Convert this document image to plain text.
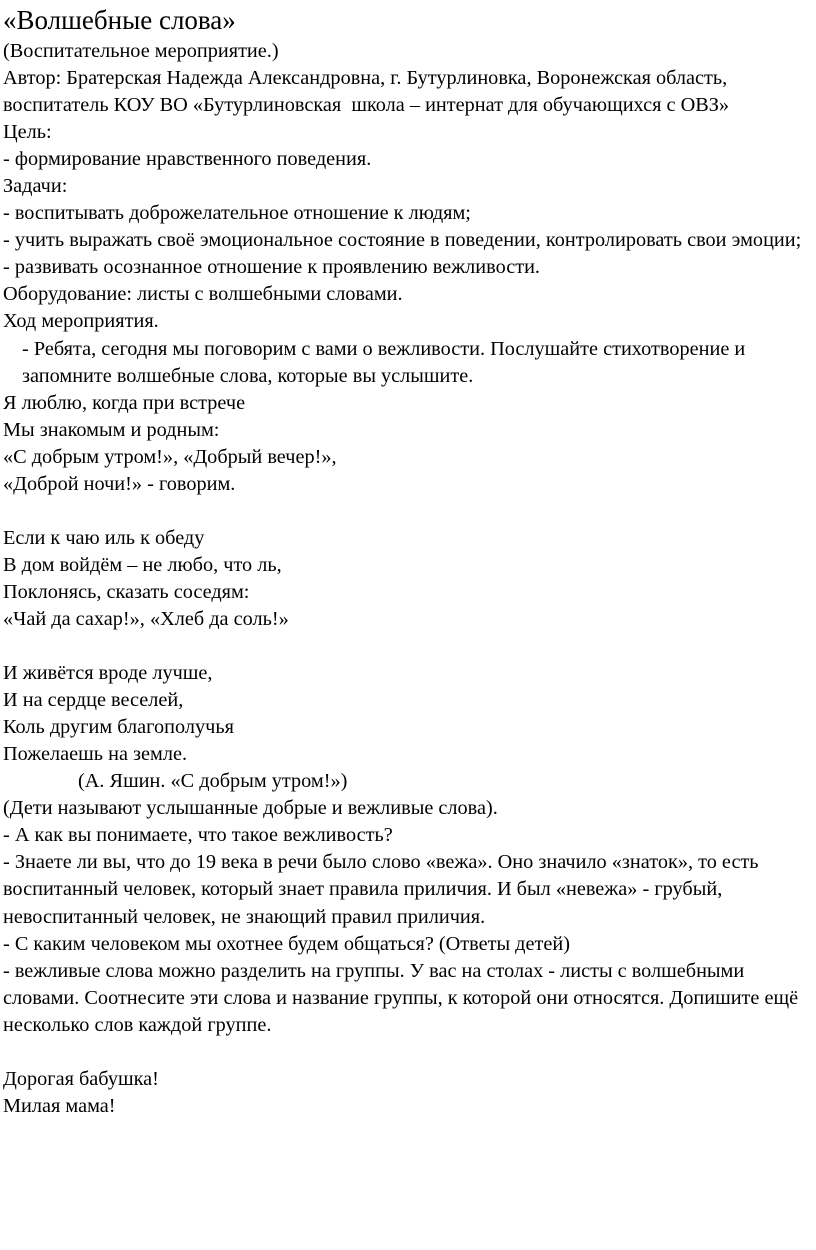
«Волшебные слова»

(Воспитательное мероприятие.)

Автор: Братерская Надежда Александровна, г. Бутурлиновка, Воронежская область, воспитатель КОУ ВО «Бутурлиновская  школа – интернат для обучающихся с ОВЗ»

Цель:

- формирование нравственного поведения.

Задачи:

- воспитывать доброжелательное отношение к людям;

- учить выражать своё эмоциональное состояние в поведении, контролировать свои эмоции;

- развивать осознанное отношение к проявлению вежливости.

Оборудование: листы с волшебными словами.

Ход мероприятия.

- Ребята, сегодня мы поговорим с вами о вежливости. Послушайте стихотворение и запомните волшебные слова, которые вы услышите.

Я люблю, когда при встрече

Мы знакомым и родным:

«С добрым утром!», «Добрый вечер!»,

«Доброй ночи!» - говорим.

Если к чаю иль к обеду

В дом войдём – не любо, что ль,

Поклонясь, сказать соседям:

«Чай да сахар!», «Хлеб да соль!»

И живётся вроде лучше,

И на сердце веселей,

Коль другим благополучья

Пожелаешь на земле.

(А. Яшин. «С добрым утром!»)

(Дети называют услышанные добрые и вежливые слова).

- А как вы понимаете, что такое вежливость?

- Знаете ли вы, что до 19 века в речи было слово «вежа». Оно значило «знаток», то есть воспитанный человек, который знает правила приличия. И был «невежа» - грубый, невоспитанный человек, не знающий правил приличия.

- С каким человеком мы охотнее будем общаться? (Ответы детей)

- вежливые слова можно разделить на группы. У вас на столах - листы с волшебными словами. Соотнесите эти слова и название группы, к которой они относятся. Допишите ещё несколько слов каждой группе.

Дорогая бабушка!

Милая мама!
